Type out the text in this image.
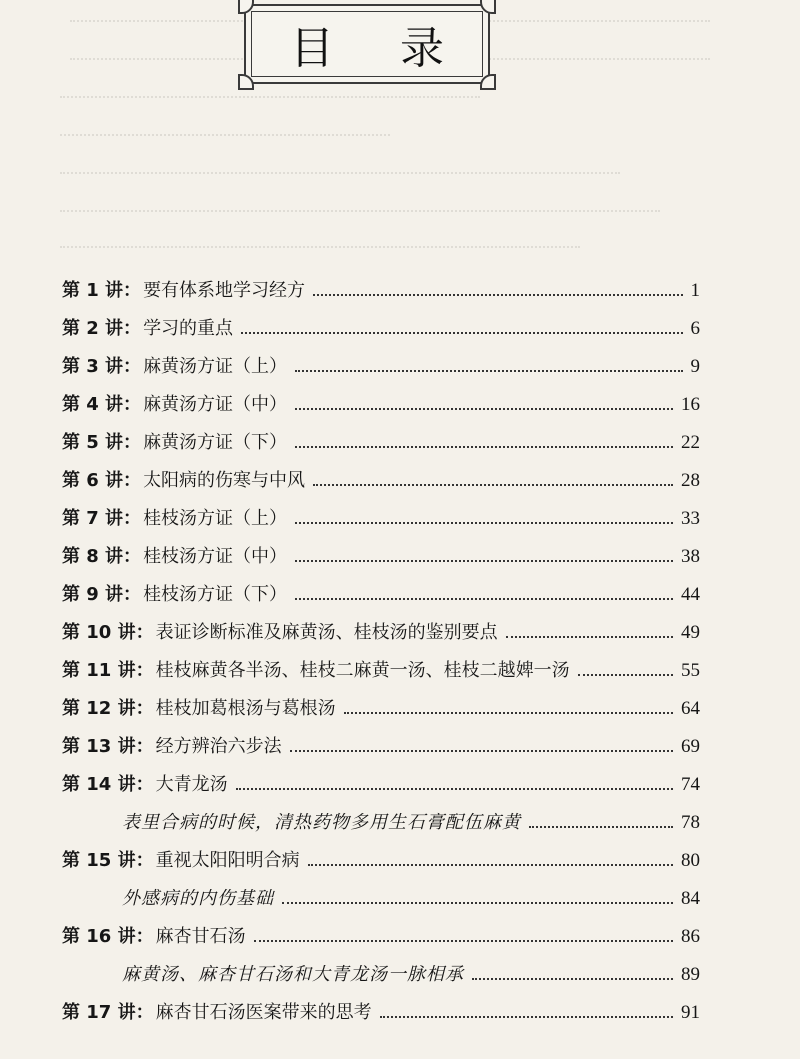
目 录
第 1 讲： 要有体系地学习经方	1
第 2 讲： 学习的重点	6
第 3 讲： 麻黄汤方证（上）	9
第 4 讲： 麻黄汤方证（中）	16
第 5 讲： 麻黄汤方证（下）	22
第 6 讲： 太阳病的伤寒与中风	28
第 7 讲： 桂枝汤方证（上）	33
第 8 讲： 桂枝汤方证（中）	38
第 9 讲： 桂枝汤方证（下）	44
第 10 讲： 表证诊断标准及麻黄汤、桂枝汤的鉴别要点	49
第 11 讲： 桂枝麻黄各半汤、桂枝二麻黄一汤、桂枝二越婢一汤	55
第 12 讲： 桂枝加葛根汤与葛根汤	64
第 13 讲： 经方辨治六步法	69
第 14 讲： 大青龙汤	74
表里合病的时候，清热药物多用生石膏配伍麻黄	78
第 15 讲： 重视太阳阳明合病	80
外感病的内伤基础	84
第 16 讲： 麻杏甘石汤	86
麻黄汤、麻杏甘石汤和大青龙汤一脉相承	89
第 17 讲： 麻杏甘石汤医案带来的思考	91
